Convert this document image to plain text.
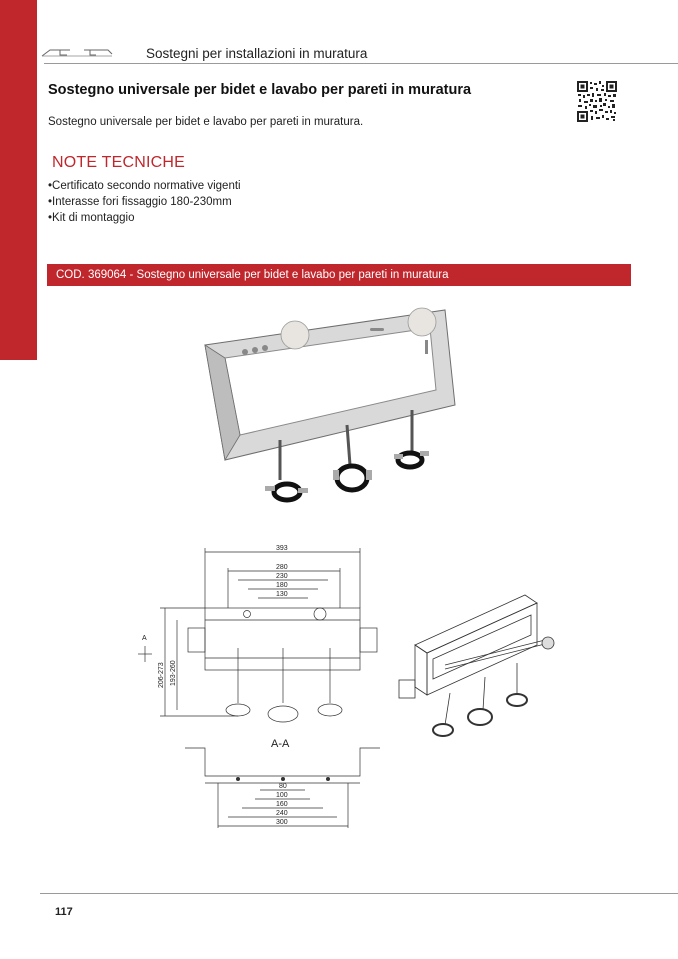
Sostegni per installazioni in muratura
Sostegno universale per bidet e lavabo per pareti in muratura
Sostegno universale per bidet e lavabo per pareti in muratura.
NOTE TECNICHE
• Certificato secondo normative vigenti
• Interasse fori fissaggio 180-230mm
• Kit di montaggio
COD. 369064 - Sostegno universale per bidet e lavabo per pareti in muratura
393
280
230
180
130
206-273 193-260
A
A-A
80
100
160
240
300
117
